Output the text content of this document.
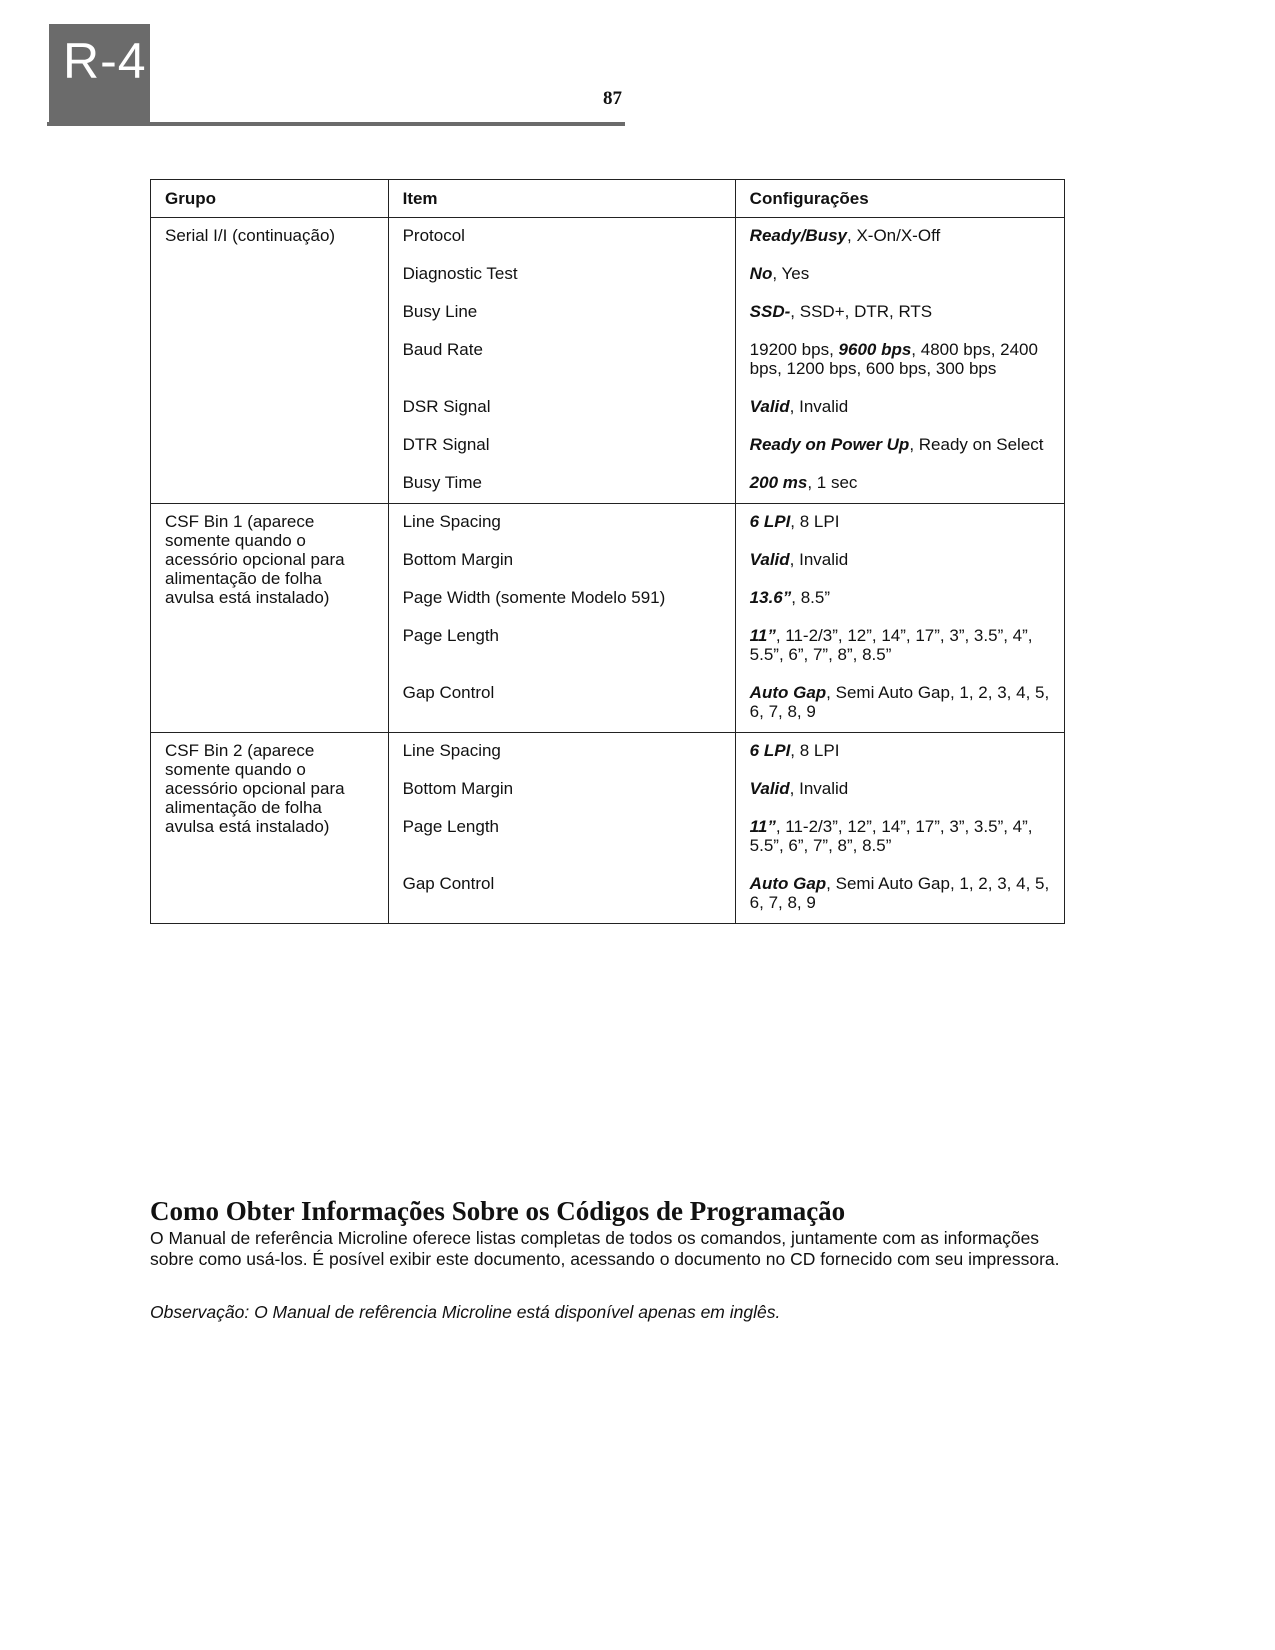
R-4
87
Grupo	Item	Configurações
Serial I/I (continuação)	Protocol	Ready/Busy, X-On/X-Off
	Diagnostic Test	No, Yes
	Busy Line	SSD-, SSD+, DTR, RTS
	Baud Rate	19200 bps, 9600 bps, 4800 bps, 2400 bps, 1200 bps, 600 bps, 300 bps
	DSR Signal	Valid, Invalid
	DTR Signal	Ready on Power Up, Ready on Select
	Busy Time	200 ms, 1 sec
CSF Bin 1 (aparece somente quando o acessório opcional para alimentação de folha avulsa está instalado)	Line Spacing	6 LPI, 8 LPI
	Bottom Margin	Valid, Invalid
	Page Width (somente Modelo 591)	13.6”, 8.5”
	Page Length	11”, 11-2/3”, 12”, 14”, 17”, 3”, 3.5”, 4”, 5.5”, 6”, 7”, 8”, 8.5”
	Gap Control	Auto Gap, Semi Auto Gap, 1, 2, 3, 4, 5, 6, 7, 8, 9
CSF Bin 2 (aparece somente quando o acessório opcional para alimentação de folha avulsa está instalado)	Line Spacing	6 LPI, 8 LPI
	Bottom Margin	Valid, Invalid
	Page Length	11”, 11-2/3”, 12”, 14”, 17”, 3”, 3.5”, 4”, 5.5”, 6”, 7”, 8”, 8.5”
	Gap Control	Auto Gap, Semi Auto Gap, 1, 2, 3, 4, 5, 6, 7, 8, 9
Como Obter Informações Sobre os Códigos de Programação

O Manual de referência Microline oferece listas completas de todos os comandos, juntamente com as informações sobre como usá-los. É posível exibir este documento, acessando o documento no CD fornecido com seu impressora.

Observação: O Manual de refêrencia Microline está disponível apenas em inglês.
